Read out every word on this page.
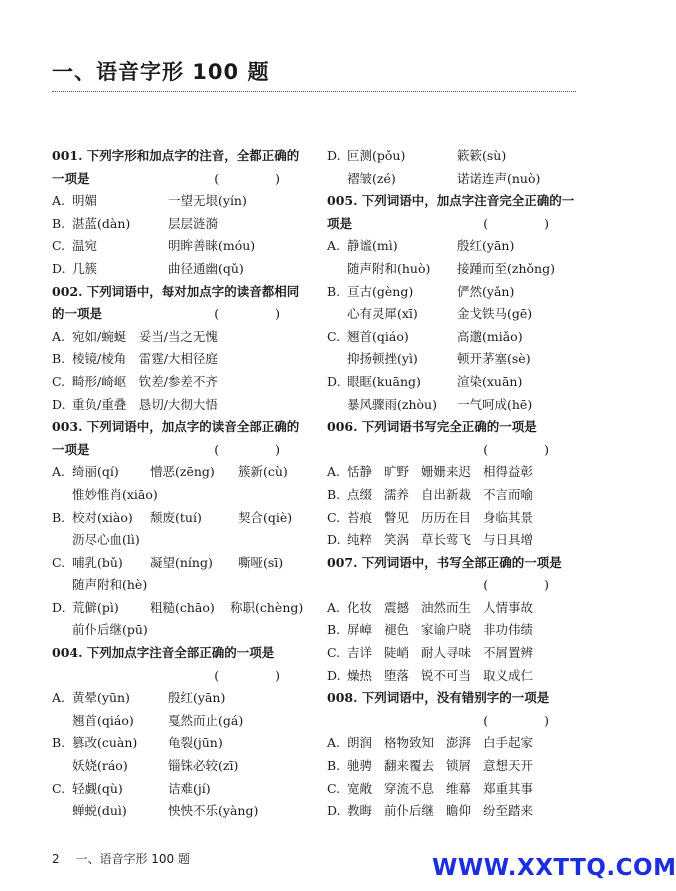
一、语音字形 100 题
001. 下列字形和加点字的注音，全都正确的
一项是	( )
A. 明媚	一望无垠(yín)
B. 湛蓝(dàn)	层层涟漪
C. 温宛	明眸善睐(móu)
D. 几簇	曲径通幽(qǔ)
002. 下列词语中，每对加点字的读音都相同
的一项是	( )
A. 宛如/蜿蜒　妥当/当之无愧
B. 棱镜/棱角　雷霆/大相径庭
C. 畸形/崎岖　钦差/参差不齐
D. 重负/重叠　恳切/大彻大悟
003. 下列词语中，加点字的读音全部正确的
一项是	( )
A. 绮丽(qí)	憎恶(zēng)	簇新(cù)
惟妙惟肖(xiāo)
B. 校对(xiào)	颓废(tuí)	契合(qiè)
沥尽心血(lì)
C. 哺乳(bǔ)	凝望(níng)	嘶哑(sī)
随声附和(hè)
D. 荒僻(pì)	粗糙(chāo)	称职(chèng)
前仆后继(pū)
004. 下列加点字注音全部正确的一项是

( )
A. 黄晕(yūn)	殷红(yān)
翘首(qiáo)	戛然而止(gá)
B. 篡改(cuàn)	龟裂(jūn)
妖娆(ráo)	锱铢必较(zī)
C. 轻觑(qù)	诘难(jí)
蝉蜕(duì)	怏怏不乐(yàng)
D. 叵测(pǒu)	簌簌(sù)
褶皱(zé)	诺诺连声(nuò)
005. 下列词语中，加点字注音完全正确的一
项是	( )
A. 静谧(mì)	殷红(yān)
随声附和(huò)	接踵而至(zhǒng)
B. 亘古(gèng)	俨然(yǎn)
心有灵犀(xī)	金戈铁马(gē)
C. 翘首(qiáo)	高邈(miǎo)
抑扬顿挫(yì)	顿开茅塞(sè)
D. 眼眶(kuāng)	渲染(xuān)
暴风骤雨(zhòu)	一气呵成(hē)
006. 下列词语书写完全正确的一项是

( )
A. 恬静 旷野 姗姗来迟 相得益彰
B. 点缀 濡养 自出新裁 不言而喻
C. 苔痕 瞥见 历历在目 身临其景
D. 纯粹 笑涡 草长莺飞 与日具增
007. 下列词语中，书写全部正确的一项是

( )
A. 化妆 震撼 油然而生 人情事故
B. 屏嶂 褪色 家谕户晓 非功伟绩
C. 吉详 陡峭 耐人寻味 不屑置辨
D. 燥热 堕落 锐不可当 取义成仁
008. 下列词语中，没有错别字的一项是

( )
A. 朗润 格物致知 澎湃 白手起家
B. 驰骋 翻来覆去 锁屑 意想天开
C. 宽敞 穿流不息 维幕 郑重其事
D. 教晦 前仆后继 瞻仰 纷至踏来
2 一、语音字形 100 题	WWW.XXTTQ.COM
